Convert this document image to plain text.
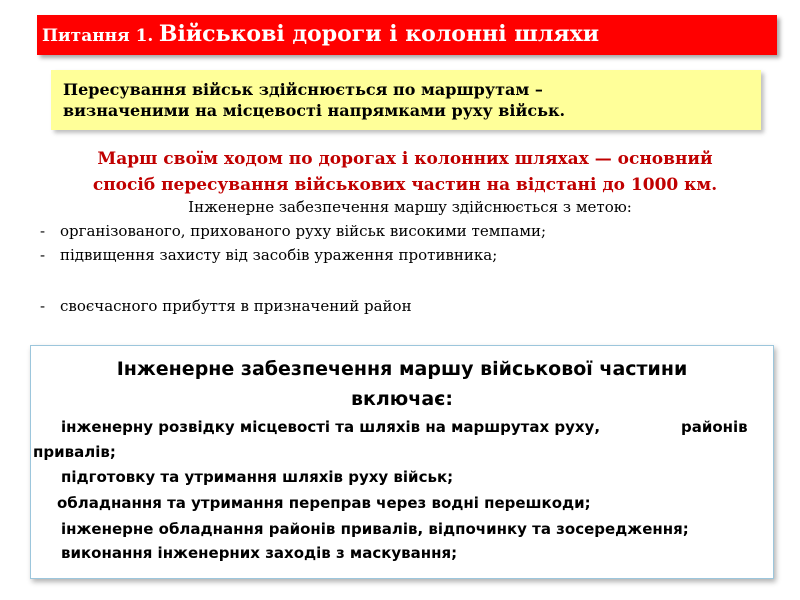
Питання 1. Військові дороги і колонні шляхи
Пересування військ здійснюється по маршрутам –
визначеними на місцевості напрямками руху військ.
Марш своїм ходом по дорогах і колонних шляхах — основний
спосіб пересування військових частин на відстані до 1000 км.
Інженерне забезпечення маршу здійснюється з метою:
- організованого, прихованого руху військ високими темпами;
- підвищення захисту від засобів ураження противника;
- своєчасного прибуття в призначений район
Інженерне забезпечення маршу військової частини
включає:
інженерну розвідку місцевості та шляхів на маршрутах руху,	районів
привалів;
підготовку та утримання шляхів руху військ;
обладнання та утримання переправ через водні перешкоди;
інженерне обладнання районів привалів, відпочинку та зосередження;
виконання інженерних заходів з маскування;
